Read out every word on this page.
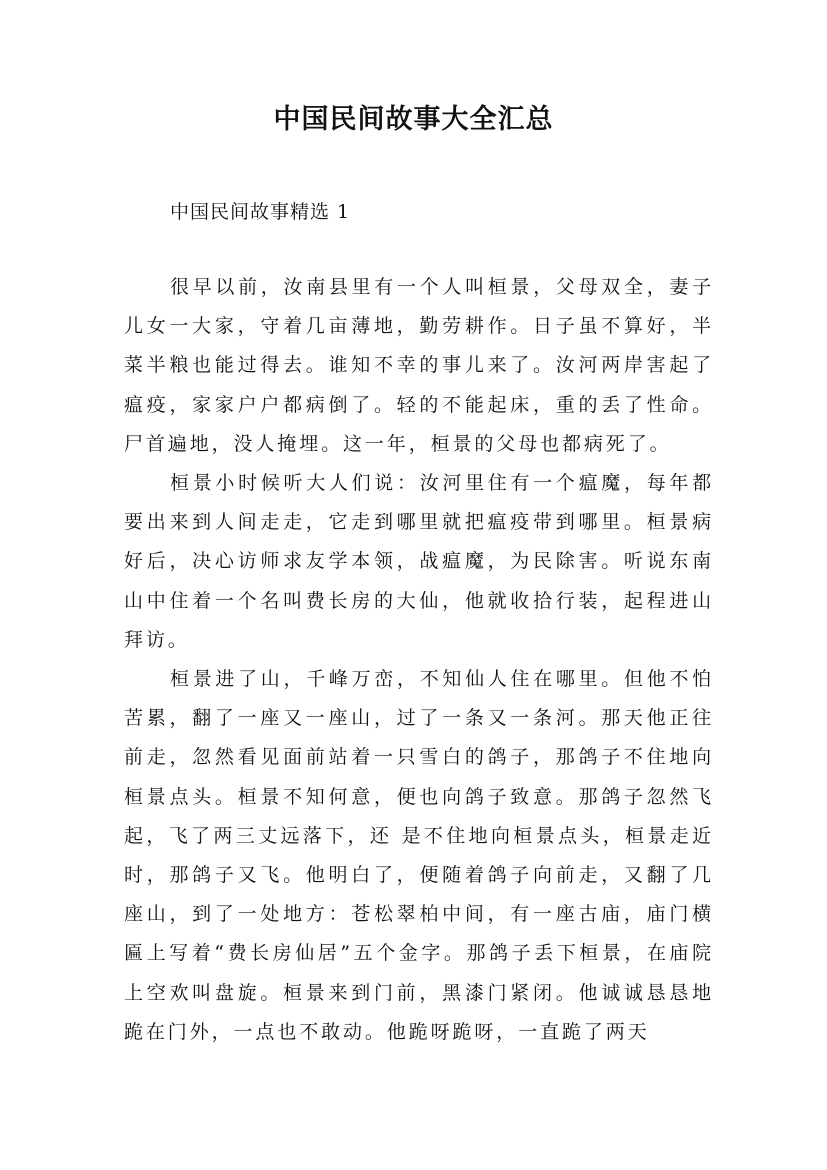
中国民间故事大全汇总
中国民间故事精选 1

很早以前，汝南县里有一个人叫桓景，父母双全，妻子儿女一大家，守着几亩薄地，勤劳耕作。日子虽不算好，半菜半粮也能过得去。谁知不幸的事儿来了。汝河两岸害起了瘟疫，家家户户都病倒了。轻的不能起床，重的丢了性命。尸首遍地，没人掩埋。这一年，桓景的父母也都病死了。

桓景小时候听大人们说：汝河里住有一个瘟魔，每年都要出来到人间走走，它走到哪里就把瘟疫带到哪里。桓景病好后，决心访师求友学本领，战瘟魔，为民除害。听说东南山中住着一个名叫费长房的大仙，他就收拾行装，起程进山拜访。

桓景进了山，千峰万峦，不知仙人住在哪里。但他不怕苦累，翻了一座又一座山，过了一条又一条河。那天他正往前走，忽然看见面前站着一只雪白的鸽子，那鸽子不住地向桓景点头。桓景不知何意，便也向鸽子致意。那鸽子忽然飞起，飞了两三丈远落下，还 是不住地向桓景点头，桓景走近时，那鸽子又飞。他明白了，便随着鸽子向前走，又翻了几座山，到了一处地方：苍松翠柏中间，有一座古庙，庙门横匾上写着“费长房仙居”五个金字。那鸽子丢下桓景，在庙院上空欢叫盘旋。桓景来到门前，黑漆门紧闭。他诚诚恳恳地跪在门外，一点也不敢动。他跪呀跪呀，一直跪了两天
